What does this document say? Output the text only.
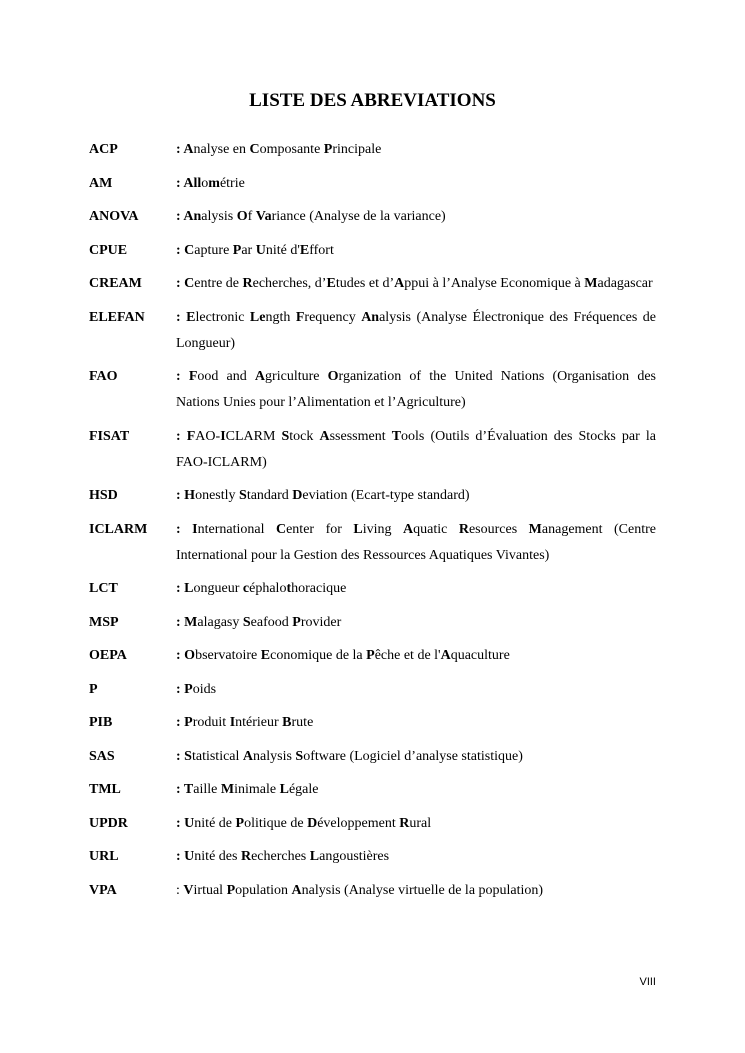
LISTE DES ABREVIATIONS
ACP	: Analyse en Composante Principale
AM	: Allométrie
ANOVA	: Analysis Of Variance (Analyse de la variance)
CPUE	: Capture Par Unité d'Effort
CREAM	: Centre de Recherches, d’Etudes et d’Appui à l’Analyse Economique à Madagascar
ELEFAN	: Electronic Length Frequency Analysis (Analyse Électronique des Fréquences de Longueur)
FAO	: Food and Agriculture Organization of the United Nations (Organisation des Nations Unies pour l’Alimentation et l’Agriculture)
FISAT	: FAO-ICLARM Stock Assessment Tools (Outils d’Évaluation des Stocks par la FAO-ICLARM)
HSD	: Honestly Standard Deviation (Ecart-type standard)
ICLARM	: International Center for Living Aquatic Resources Management (Centre International pour la Gestion des Ressources Aquatiques Vivantes)
LCT	: Longueur céphalothoracique
MSP	: Malagasy Seafood Provider
OEPA	: Observatoire Economique de la Pêche et de l'Aquaculture
P	: Poids
PIB	: Produit Intérieur Brute
SAS	: Statistical Analysis Software (Logiciel d’analyse statistique)
TML	: Taille Minimale Légale
UPDR	: Unité de Politique de Développement Rural
URL	: Unité des Recherches Langoustières
VPA	: Virtual Population Analysis (Analyse virtuelle de la population)
VIII
